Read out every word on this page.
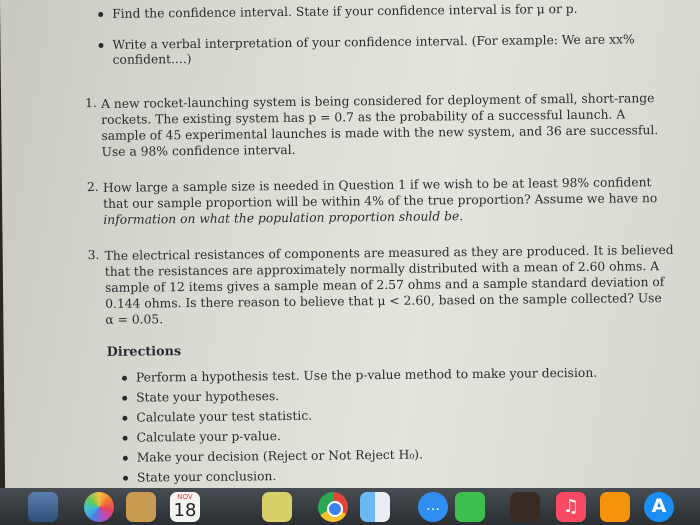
Find the confidence interval. State if your confidence interval is for μ or p.
Write a verbal interpretation of your confidence interval. (For example: We are xx%
confident....)
1. A new rocket-launching system is being considered for deployment of small, short-range
rockets. The existing system has p = 0.7 as the probability of a successful launch. A
sample of 45 experimental launches is made with the new system, and 36 are successful.
Use a 98% confidence interval.
2. How large a sample size is needed in Question 1 if we wish to be at least 98% confident
that our sample proportion will be within 4% of the true proportion? Assume we have no
information on what the population proportion should be.
3. The electrical resistances of components are measured as they are produced. It is believed
that the resistances are approximately normally distributed with a mean of 2.60 ohms. A
sample of 12 items gives a sample mean of 2.57 ohms and a sample standard deviation of
0.144 ohms. Is there reason to believe that μ < 2.60, based on the sample collected? Use
α = 0.05.
Directions
Perform a hypothesis test. Use the p-value method to make your decision.
State your hypotheses.
Calculate your test statistic.
Calculate your p-value.
Make your decision (Reject or Not Reject H₀).
State your conclusion.
NOV
18	…	♫	A
